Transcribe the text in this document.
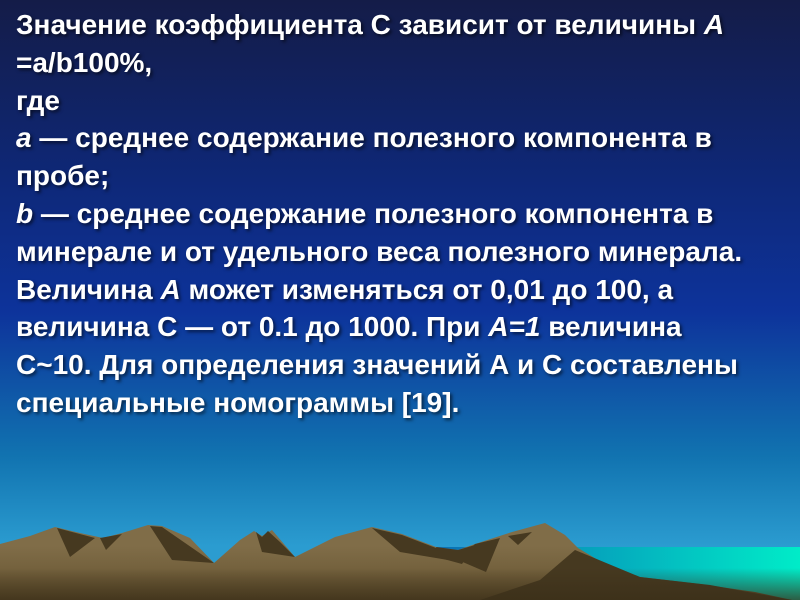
Значение коэффициента С зависит от величины А
=a/b100%,
где
a — среднее содержание полезного компонента в
пробе;
b — среднее содержание полезного компонента в
минерале и от удельного веса полезного минерала.
Величина А может изменяться от 0,01 до 100, а
величина С — от 0.1 до 1000. При А=1 величина
С~10. Для определения значений А и С составлены
специальные номограммы [19].
